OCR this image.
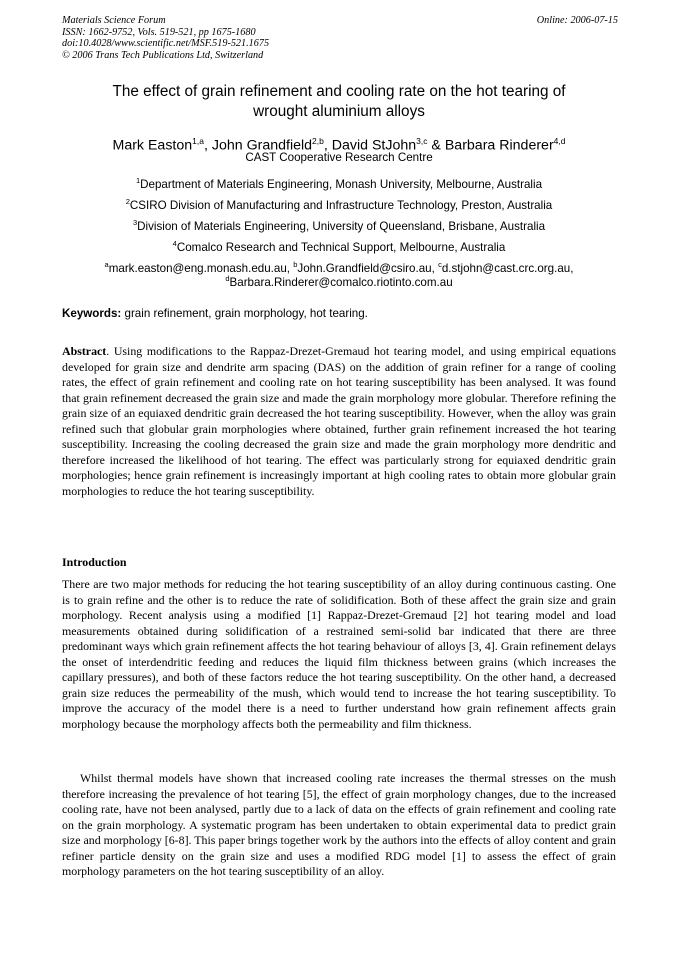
Materials Science Forum
ISSN: 1662-9752, Vols. 519-521, pp 1675-1680
doi:10.4028/www.scientific.net/MSF.519-521.1675
© 2006 Trans Tech Publications Ltd, Switzerland
Online: 2006-07-15
The effect of grain refinement and cooling rate on the hot tearing of
wrought aluminium alloys
Mark Easton$^{1,a}$, John Grandfield$^{2,b}$, David StJohn$^{3,c}$ & Barbara Rinderer$^{4,d}$
CAST Cooperative Research Centre
$^1$Department of Materials Engineering, Monash University, Melbourne, Australia
$^2$CSIRO Division of Manufacturing and Infrastructure Technology, Preston, Australia
$^3$Division of Materials Engineering, University of Queensland, Brisbane, Australia
$^4$Comalco Research and Technical Support, Melbourne, Australia
$^a$mark.easton@eng.monash.edu.au, $^b$John.Grandfield@csiro.au, $^c$d.stjohn@cast.crc.org.au,
$^d$Barbara.Rinderer@comalco.riotinto.com.au
Keywords: grain refinement, grain morphology, hot tearing.
Abstract. Using modifications to the Rappaz-Drezet-Gremaud hot tearing model, and using empirical equations developed for grain size and dendrite arm spacing (DAS) on the addition of grain refiner for a range of cooling rates, the effect of grain refinement and cooling rate on hot tearing susceptibility has been analysed. It was found that grain refinement decreased the grain size and made the grain morphology more globular. Therefore refining the grain size of an equiaxed dendritic grain decreased the hot tearing susceptibility. However, when the alloy was grain refined such that globular grain morphologies where obtained, further grain refinement increased the hot tearing susceptibility. Increasing the cooling decreased the grain size and made the grain morphology more dendritic and therefore increased the likelihood of hot tearing. The effect was particularly strong for equiaxed dendritic grain morphologies; hence grain refinement is increasingly important at high cooling rates to obtain more globular grain morphologies to reduce the hot tearing susceptibility.
Introduction
There are two major methods for reducing the hot tearing susceptibility of an alloy during continuous casting. One is to grain refine and the other is to reduce the rate of solidification. Both of these affect the grain size and grain morphology. Recent analysis using a modified [1] Rappaz-Drezet-Gremaud [2] hot tearing model and load measurements obtained during solidification of a restrained semi-solid bar indicated that there are three predominant ways which grain refinement affects the hot tearing behaviour of alloys [3, 4]. Grain refinement delays the onset of interdendritic feeding and reduces the liquid film thickness between grains (which increases the capillary pressures), and both of these factors reduce the hot tearing susceptibility. On the other hand, a decreased grain size reduces the permeability of the mush, which would tend to increase the hot tearing susceptibility. To improve the accuracy of the model there is a need to further understand how grain refinement affects grain morphology because the morphology affects both the permeability and film thickness.
Whilst thermal models have shown that increased cooling rate increases the thermal stresses on the mush therefore increasing the prevalence of hot tearing [5], the effect of grain morphology changes, due to the increased cooling rate, have not been analysed, partly due to a lack of data on the effects of grain refinement and cooling rate on the grain morphology. A systematic program has been undertaken to obtain experimental data to predict grain size and morphology [6-8]. This paper brings together work by the authors into the effects of alloy content and grain refiner particle density on the grain size and uses a modified RDG model [1] to assess the effect of grain morphology parameters on the hot tearing susceptibility of an alloy.
